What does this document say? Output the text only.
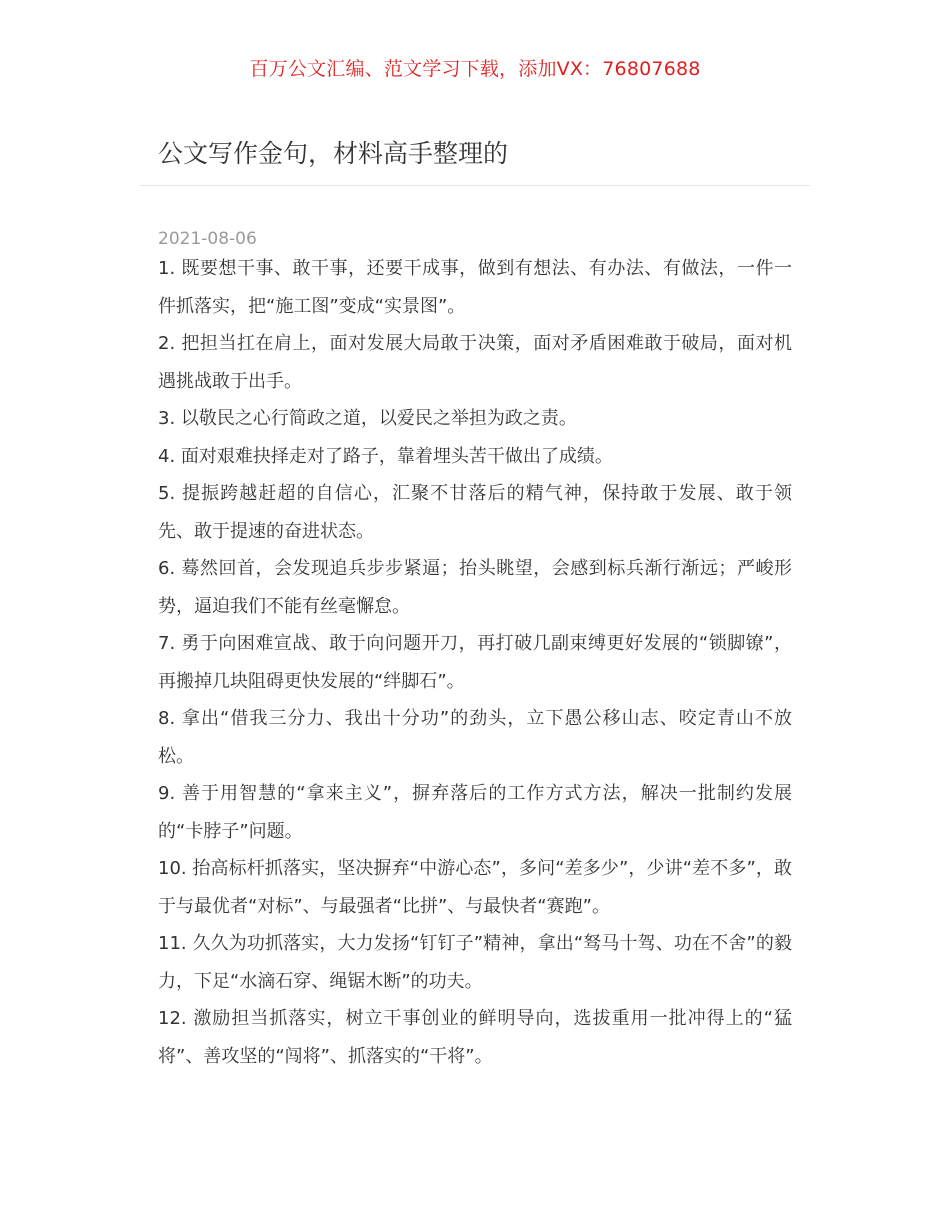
百万公文汇编、范文学习下载，添加VX：76807688
公文写作金句，材料高手整理的
2021-08-06
1. 既要想干事、敢干事，还要干成事，做到有想法、有办法、有做法，一件一件抓落实，把“施工图”变成“实景图”。
2. 把担当扛在肩上，面对发展大局敢于决策，面对矛盾困难敢于破局，面对机遇挑战敢于出手。
3. 以敬民之心行简政之道，以爱民之举担为政之责。
4. 面对艰难抉择走对了路子，靠着埋头苦干做出了成绩。
5. 提振跨越赶超的自信心，汇聚不甘落后的精气神，保持敢于发展、敢于领先、敢于提速的奋进状态。
6. 蓦然回首，会发现追兵步步紧逼；抬头眺望，会感到标兵渐行渐远；严峻形势，逼迫我们不能有丝毫懈怠。
7. 勇于向困难宣战、敢于向问题开刀，再打破几副束缚更好发展的“锁脚镣”，再搬掉几块阻碍更快发展的“绊脚石”。
8. 拿出“借我三分力、我出十分功”的劲头，立下愚公移山志、咬定青山不放松。
9. 善于用智慧的“拿来主义”，摒弃落后的工作方式方法，解决一批制约发展的“卡脖子”问题。
10. 抬高标杆抓落实，坚决摒弃“中游心态”，多问“差多少”，少讲“差不多”，敢于与最优者“对标”、与最强者“比拼”、与最快者“赛跑”。
11. 久久为功抓落实，大力发扬“钉钉子”精神，拿出“驽马十驾、功在不舍”的毅力，下足“水滴石穿、绳锯木断”的功夫。
12. 激励担当抓落实，树立干事创业的鲜明导向，选拔重用一批冲得上的“猛将”、善攻坚的“闯将”、抓落实的“干将”。
